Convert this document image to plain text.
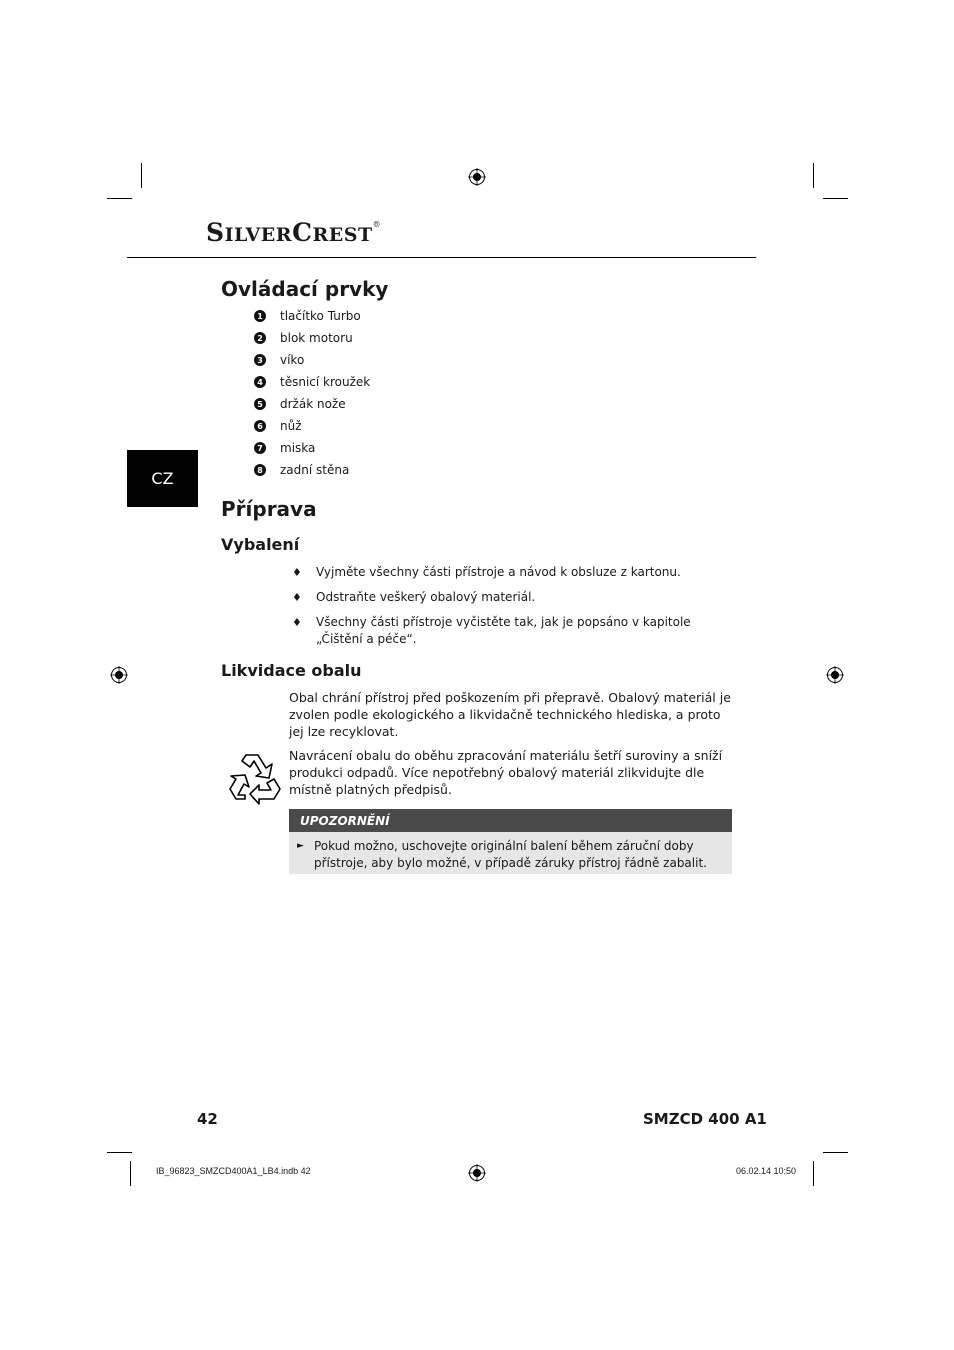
SILVERCREST®
CZ
Ovládací prvky
1 tlačítko Turbo
2 blok motoru
3 víko
4 těsnicí kroužek
5 držák nože
6 nůž
7 miska
8 zadní stěna
Příprava
Vybalení
♦	Vyjměte všechny části přístroje a návod k obsluze z kartonu.
♦	Odstraňte veškerý obalový materiál.
♦	Všechny části přístroje vyčistěte tak, jak je popsáno v kapitole „Čištění a péče“.
Likvidace obalu

Obal chrání přístroj před poškozením při přepravě. Obalový materiál je zvolen podle ekologického a likvidačně technického hlediska, a proto jej lze recyklovat.

Navrácení obalu do oběhu zpracování materiálu šetří suroviny a sníží produkci odpadů. Více nepotřebný obalový materiál zlikvidujte dle místně platných předpisů.

UPOZORNĚNÍ
► Pokud možno, uschovejte originální balení během záruční doby přístroje, aby bylo možné, v případě záruky přístroj řádně zabalit.
42	SMZCD 400 A1
IB_96823_SMZCD400A1_LB4.indb 42	06.02.14 10:50
